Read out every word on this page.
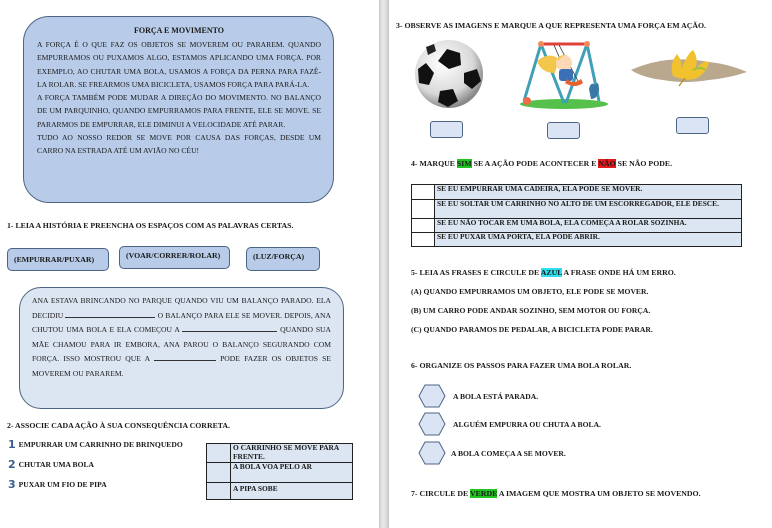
FORÇA E MOVIMENTO

A FORÇA É O QUE FAZ OS OBJETOS SE MOVEREM OU PARAREM. QUANDO EMPURRAMOS OU PUXAMOS ALGO, ESTAMOS APLICANDO UMA FORÇA. POR EXEMPLO, AO CHUTAR UMA BOLA, USAMOS A FORÇA DA PERNA PARA FAZÊ-LA ROLAR. SE FREARMOS UMA BICICLETA, USAMOS FORÇA PARA PARÁ-LA.

A FORÇA TAMBÉM PODE MUDAR A DIREÇÃO DO MOVIMENTO. NO BALANÇO DE UM PARQUINHO, QUANDO EMPURRAMOS PARA FRENTE, ELE SE MOVE. SE PARARMOS DE EMPURRAR, ELE DIMINUI A VELOCIDADE ATÉ PARAR.

TUDO AO NOSSO REDOR SE MOVE POR CAUSA DAS FORÇAS, DESDE UM CARRO NA ESTRADA ATÉ UM AVIÃO NO CÉU!

1- LEIA A HISTÓRIA E PREENCHA OS ESPAÇOS COM AS PALAVRAS CERTAS.
(EMPURRAR/PUXAR)	(VOAR/CORRER/ROLAR)	(LUZ/FORÇA)

ANA ESTAVA BRINCANDO NO PARQUE QUANDO VIU UM BALANÇO PARADO. ELA DECIDIU	O BALANÇO PARA ELE SE MOVER. DEPOIS, ANA CHUTOU UMA BOLA E ELA COMEÇOU A	QUANDO SUA MÃE CHAMOU PARA IR EMBORA, ANA PAROU O BALANÇO SEGURANDO COM FORÇA. ISSO MOSTROU QUE A	PODE FAZER OS OBJETOS SE MOVEREM OU PARAREM.

2- ASSOCIE CADA AÇÃO À SUA CONSEQUÊNCIA CORRETA.
1 EMPURRAR UM CARRINHO DE BRINQUEDO
2 CHUTAR UMA BOLA
3 PUXAR UM FIO DE PIPA
	O CARRINHO SE MOVE PARA FRENTE.
	A BOLA VOA PELO AR
	A PIPA SOBE
3- OBSERVE AS IMAGENS E MARQUE A QUE REPRESENTA UMA FORÇA EM AÇÃO.
4- MARQUE SIM SE A AÇÃO PODE ACONTECER E NÃO SE NÃO PODE.
	SE EU EMPURRAR UMA CADEIRA, ELA PODE SE MOVER.
	SE EU SOLTAR UM CARRINHO NO ALTO DE UM ESCORREGADOR, ELE DESCE.
	SE EU NÃO TOCAR EM UMA BOLA, ELA COMEÇA A ROLAR SOZINHA.
	SE EU PUXAR UMA PORTA, ELA PODE ABRIR.
5- LEIA AS FRASES E CIRCULE DE AZUL A FRASE ONDE HÁ UM ERRO.
(A) QUANDO EMPURRAMOS UM OBJETO, ELE PODE SE MOVER.
(B) UM CARRO PODE ANDAR SOZINHO, SEM MOTOR OU FORÇA.
(C) QUANDO PARAMOS DE PEDALAR, A BICICLETA PODE PARAR.
6- ORGANIZE OS PASSOS PARA FAZER UMA BOLA ROLAR.
A BOLA ESTÁ PARADA.
ALGUÉM EMPURRA OU CHUTA A BOLA.
A BOLA COMEÇA A SE MOVER.
7- CIRCULE DE VERDE A IMAGEM QUE MOSTRA UM OBJETO SE MOVENDO.
